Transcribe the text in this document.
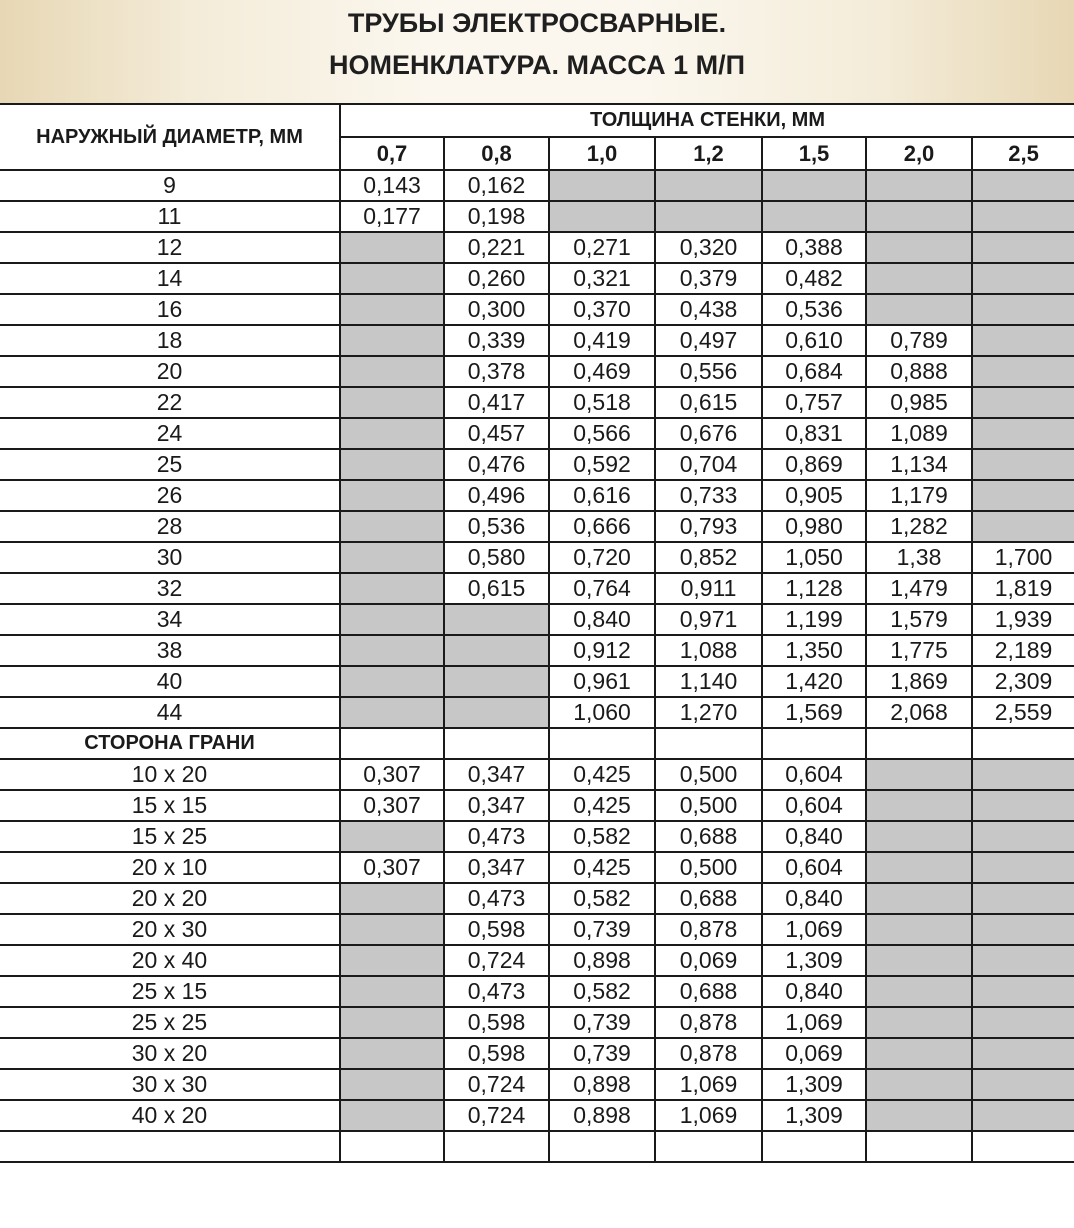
ТРУБЫ ЭЛЕКТРОСВАРНЫЕ.
НОМЕНКЛАТУРА. МАССА 1 М/П
НАРУЖНЫЙ ДИАМЕТР, ММ	ТОЛЩИНА СТЕНКИ, ММ						
	0,7	0,8	1,0	1,2	1,5	2,0	2,5
9	0,143	0,162					
11	0,177	0,198					
12		0,221	0,271	0,320	0,388		
14		0,260	0,321	0,379	0,482		
16		0,300	0,370	0,438	0,536		
18		0,339	0,419	0,497	0,610	0,789	
20		0,378	0,469	0,556	0,684	0,888	
22		0,417	0,518	0,615	0,757	0,985	
24		0,457	0,566	0,676	0,831	1,089	
25		0,476	0,592	0,704	0,869	1,134	
26		0,496	0,616	0,733	0,905	1,179	
28		0,536	0,666	0,793	0,980	1,282	
30		0,580	0,720	0,852	1,050	1,38	1,700
32		0,615	0,764	0,911	1,128	1,479	1,819
34			0,840	0,971	1,199	1,579	1,939
38			0,912	1,088	1,350	1,775	2,189
40			0,961	1,140	1,420	1,869	2,309
44			1,060	1,270	1,569	2,068	2,559
СТОРОНА ГРАНИ							
10 x 20	0,307	0,347	0,425	0,500	0,604		
15 x 15	0,307	0,347	0,425	0,500	0,604		
15 x 25		0,473	0,582	0,688	0,840		
20 x 10	0,307	0,347	0,425	0,500	0,604		
20 x 20		0,473	0,582	0,688	0,840		
20 x 30		0,598	0,739	0,878	1,069		
20 x 40		0,724	0,898	0,069	1,309		
25 x 15		0,473	0,582	0,688	0,840		
25 x 25		0,598	0,739	0,878	1,069		
30 x 20		0,598	0,739	0,878	0,069		
30 x 30		0,724	0,898	1,069	1,309		
40 x 20		0,724	0,898	1,069	1,309		
